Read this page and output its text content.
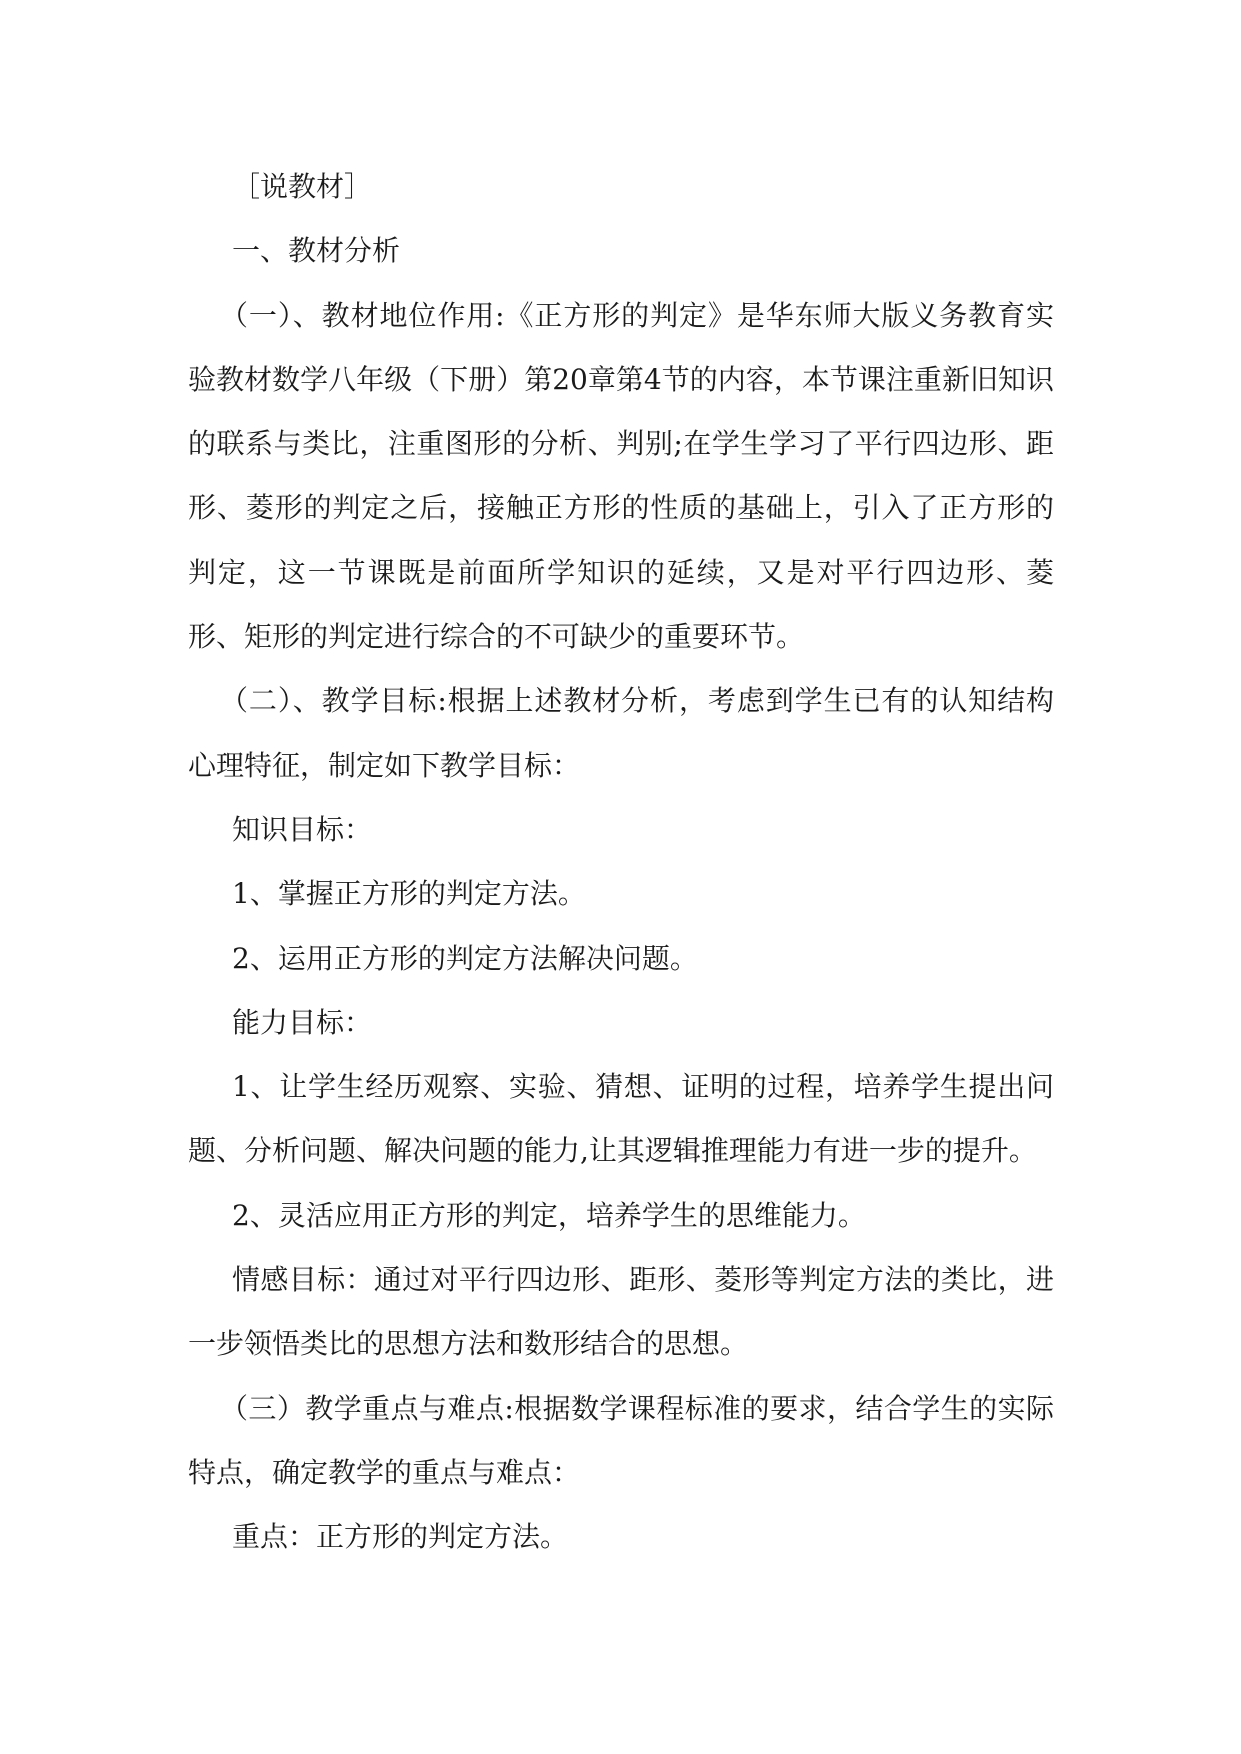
［说教材］

一、教材分析

（一）、教材地位作用:《正方形的判定》是华东师大版义务教育实验教材数学八年级（下册）第20章第4节的内容，本节课注重新旧知识的联系与类比，注重图形的分析、判别;在学生学习了平行四边形、距形、菱形的判定之后，接触正方形的性质的基础上，引入了正方形的判定，这一节课既是前面所学知识的延续，又是对平行四边形、菱形、矩形的判定进行综合的不可缺少的重要环节。

（二）、教学目标:根据上述教材分析，考虑到学生已有的认知结构心理特征，制定如下教学目标：

知识目标：

1、掌握正方形的判定方法。

2、运用正方形的判定方法解决问题。

能力目标：

1、让学生经历观察、实验、猜想、证明的过程，培养学生提出问题、分析问题、解决问题的能力,让其逻辑推理能力有进一步的提升。

2、灵活应用正方形的判定，培养学生的思维能力。

情感目标：通过对平行四边形、距形、菱形等判定方法的类比，进一步领悟类比的思想方法和数形结合的思想。

（三）教学重点与难点:根据数学课程标准的要求，结合学生的实际特点，确定教学的重点与难点：

重点：正方形的判定方法。
